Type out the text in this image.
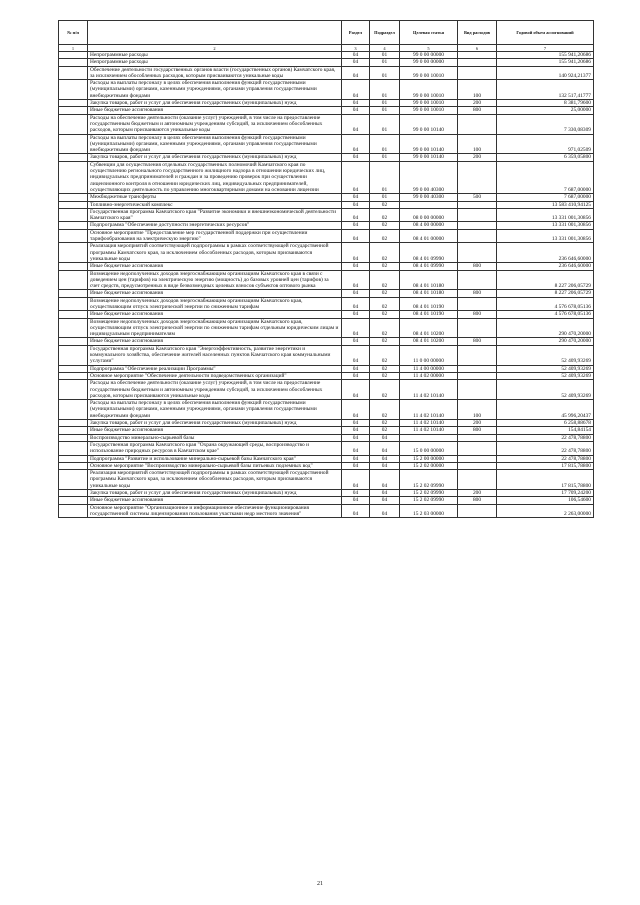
№ п/п		Раздел	Подраздел	Целевая статья	Вид расходов	Годовой объем ассигнований
1	2	3	4	5	6	7
	Непрограммные расходы	04	01	99 0 00 00000		155 941,20686
	Непрограммные расходы	04	01	99 0 00 00000		155 941,20686
	Обеспечение деятельности государственных органов власти (государственных органов) Камчатского края, за исключением обособленных расходов, которым присваиваются уникальные коды	04	01	99 0 00 10010		140 924,21377
	Расходы на выплаты персоналу в целях обеспечения выполнения функций государственными (муниципальными) органами, казенными учреждениями, органами управления государственными внебюджетными фондами	04	01	99 0 00 10010	100	132 517,41777
	Закупка товаров, работ и услуг для обеспечения государственных (муниципальных) нужд	04	01	99 0 00 10010	200	8 381,79600
	Иные бюджетные ассигнования	04	01	99 0 00 10010	800	25,00000
	Расходы на обеспечение деятельности (оказание услуг) учреждений, в том числе на предоставление государственным бюджетным и автономным учреждениям субсидий, за исключением обособленных расходов, которым присваиваются уникальные коды	04	01	99 0 00 10140		7 330,08309
	Расходы на выплаты персоналу в целях обеспечения выполнения функций государственными (муниципальными) органами, казенными учреждениями, органами управления государственными внебюджетными фондами	04	01	99 0 00 10140	100	971,02509
	Закупка товаров, работ и услуг для обеспечения государственных (муниципальных) нужд	04	01	99 0 00 10140	200	6 359,05800
	Субвенции для осуществления отдельных государственных полномочий Камчатского края по осуществлению регионального государственного жилищного надзора в отношении юридических лиц, индивидуальных предпринимателей и граждан и за проведению проверок при осуществлении лицензионного контроля в отношении юридических лиц, индивидуальных предпринимателей, осуществляющих деятельность по управлению многоквартирными домами на основании лицензии	04	01	99 0 00 40300		7 687,00000
	Межбюджетные трансферты	04	01	99 0 00 40300	500	7 687,00000
	Топливно-энергетический комплекс	04	02			13 583 410,94125
	Государственная программа Камчатского края "Развитие экономики и внешнеэкономической деятельности Камчатского края"	04	02	08 0 00 00000		13 331 001,30856
	Подпрограмма "Обеспечение доступности энергетических ресурсов"	04	02	08 4 00 00000		13 331 001,30856
	Основное мероприятие "Предоставление мер государственной поддержки при осуществлении тарифообразования на электрическую энергию"	04	02	08 4 01 00000		13 331 001,30856
	Реализация мероприятий соответствующей подпрограммы в рамках соответствующей государственной программы Камчатского края, за исключением обособленных расходов, которым присваиваются уникальные коды	04	02	08 4 01 09990		236 646,60000
	Иные бюджетные ассигнования	04	02	08 4 01 09990	800	236 646,60000
	Возмещение недополученных доходов энергоснабжающим организациям Камчатского края в связи с доведением цен (тарифов) на электрическую энергию (мощность) до базовых уровней цен (тарифов) за счет средств, предусмотренных в виде безвозмездных целевых взносов субъектов оптового рынка	04	02	08 4 01 10180		8 227 206,05729
	Иные бюджетные ассигнования	04	02	08 4 01 10180	800	8 227 206,05729
	Возмещение недополученных доходов энергоснабжающим организациям Камчатского края, осуществляющим отпуск электрической энергии по сниженным тарифам	04	02	08 4 01 10190		4 576 678,05136
	Иные бюджетные ассигнования	04	02	08 4 01 10190	800	4 576 678,05136
	Возмещение недополученных доходов энергоснабжающим организациям Камчатского края, осуществляющим отпуск электрической энергии по сниженным тарифам отдельным юридическим лицам и индивидуальным предпринимателям	04	02	08 4 01 10200		290 470,20000
	Иные бюджетные ассигнования	04	02	08 4 01 10200	800	290 470,20000
	Государственная программа Камчатского края "Энергоэффективность, развитие энергетики и коммунального хозяйства, обеспечение жителей населенных пунктов Камчатского края коммунальными услугами"	04	02	11 0 00 00000		52 409,93269
	Подпрограмма "Обеспечение реализации Программы"	04	02	11 4 00 00000		52 409,93269
	Основное мероприятие "Обеспечение деятельности подведомственных организаций"	04	02	11 4 02 00000		52 409,93269
	Расходы на обеспечение деятельности (оказание услуг) учреждений, в том числе на предоставление государственным бюджетным и автономным учреждениям субсидий, за исключением обособленных расходов, которым присваиваются уникальные коды	04	02	11 4 02 10140		52 409,93269
	Расходы на выплаты персоналу в целях обеспечения выполнения функций государственными (муниципальными) органами, казенными учреждениями, органами управления государственными внебюджетными фондами	04	02	11 4 02 10140	100	45 996,20437
	Закупка товаров, работ и услуг для обеспечения государственных (муниципальных) нужд	04	02	11 4 02 10140	200	6 258,88678
	Иные бюджетные ассигнования	04	02	11 4 02 10140	800	154,84154
	Воспроизводство минерально-сырьевой базы	04	04			22 478,78800
	Государственная программа Камчатского края "Охрана окружающей среды, воспроизводство и использование природных ресурсов в Камчатском крае"	04	04	15 0 00 00000		22 478,78800
	Подпрограмма "Развитие и использование минерально-сырьевой базы Камчатского края"	04	04	15 2 00 00000		22 478,78800
	Основное мероприятие "Воспроизводство минерально-сырьевой базы питьевых подземных вод"	04	04	15 2 02 00000		17 815,78800
	Реализация мероприятий соответствующей подпрограммы в рамках соответствующей государственной программы Камчатского края, за исключением обособленных расходов, которым присваиваются уникальные коды	04	04	15 2 02 09990		17 815,78800
	Закупка товаров, работ и услуг для обеспечения государственных (муниципальных) нужд	04	04	15 2 02 09990	200	17 709,24200
	Иные бюджетные ассигнования	04	04	15 2 02 09990	800	106,54600
	Основное мероприятие "Организационное и информационное обеспечение функционирования государственной системы лицензирования пользования участками недр местного значения"	04	04	15 2 03 00000		2 263,00000
21
